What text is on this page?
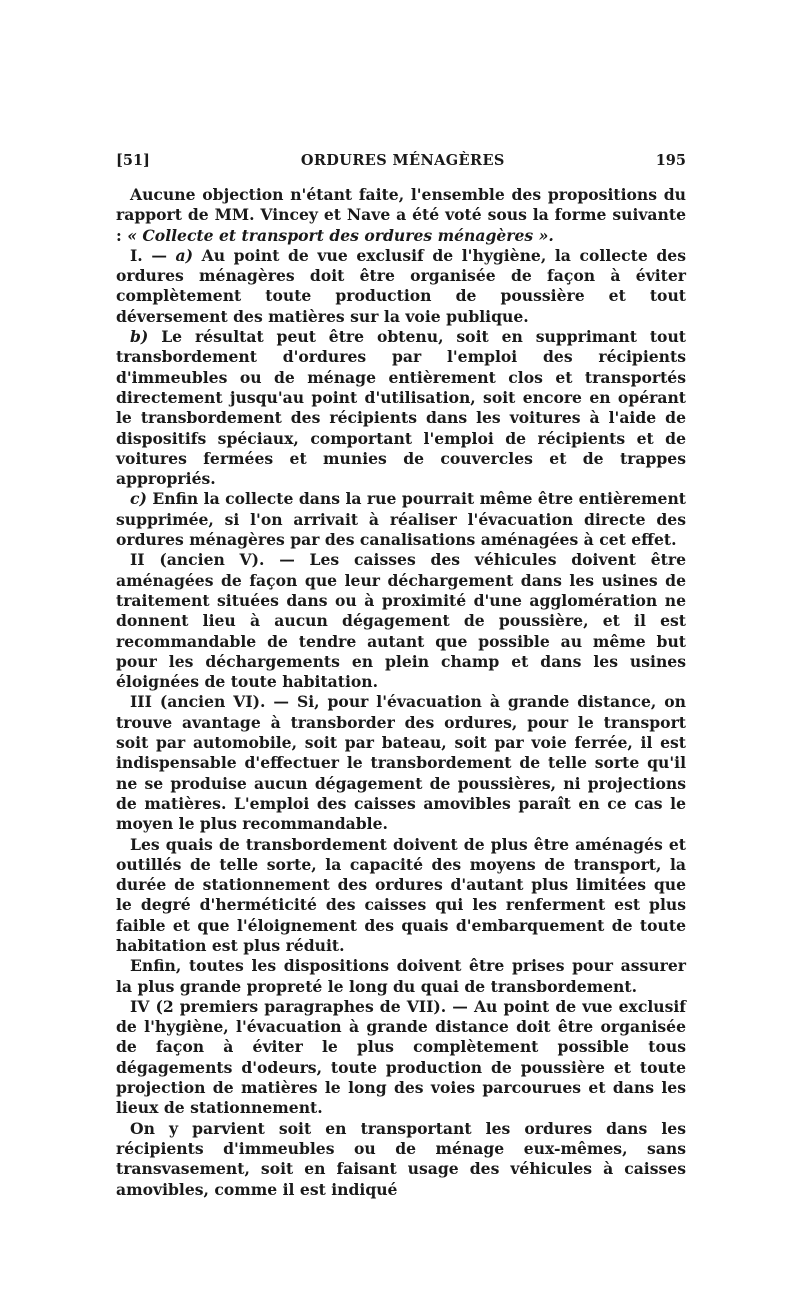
[51]	ORDURES MÉNAGÈRES	195

Aucune objection n'étant faite, l'ensemble des propositions du rapport de MM. Vincey et Nave a été voté sous la forme suivante : « Collecte et transport des ordures ménagères ».

I. — a) Au point de vue exclusif de l'hygiène, la collecte des ordures ménagères doit être organisée de façon à éviter complètement toute production de poussière et tout déversement des matières sur la voie publique.

b) Le résultat peut être obtenu, soit en supprimant tout transbordement d'ordures par l'emploi des récipients d'immeubles ou de ménage entièrement clos et transportés directement jusqu'au point d'utilisation, soit encore en opérant le transbordement des récipients dans les voitures à l'aide de dispositifs spéciaux, comportant l'emploi de récipients et de voitures fermées et munies de couvercles et de trappes appropriés.

c) Enfin la collecte dans la rue pourrait même être entièrement supprimée, si l'on arrivait à réaliser l'évacuation directe des ordures ménagères par des canalisations aménagées à cet effet.

II (ancien V). — Les caisses des véhicules doivent être aménagées de façon que leur déchargement dans les usines de traitement situées dans ou à proximité d'une agglomération ne donnent lieu à aucun dégagement de poussière, et il est recommandable de tendre autant que possible au même but pour les déchargements en plein champ et dans les usines éloignées de toute habitation.

III (ancien VI). — Si, pour l'évacuation à grande distance, on trouve avantage à transborder des ordures, pour le transport soit par automobile, soit par bateau, soit par voie ferrée, il est indispensable d'effectuer le transbordement de telle sorte qu'il ne se produise aucun dégagement de poussières, ni projections de matières. L'emploi des caisses amovibles paraît en ce cas le moyen le plus recommandable.

Les quais de transbordement doivent de plus être aménagés et outillés de telle sorte, la capacité des moyens de transport, la durée de stationnement des ordures d'autant plus limitées que le degré d'herméticité des caisses qui les renferment est plus faible et que l'éloignement des quais d'embarquement de toute habitation est plus réduit.

Enfin, toutes les dispositions doivent être prises pour assurer la plus grande propreté le long du quai de transbordement.

IV (2 premiers paragraphes de VII). — Au point de vue exclusif de l'hygiène, l'évacuation à grande distance doit être organisée de façon à éviter le plus complètement possible tous dégagements d'odeurs, toute production de poussière et toute projection de matières le long des voies parcourues et dans les lieux de stationnement.

On y parvient soit en transportant les ordures dans les récipients d'immeubles ou de ménage eux-mêmes, sans transvasement, soit en faisant usage des véhicules à caisses amovibles, comme il est indiqué
